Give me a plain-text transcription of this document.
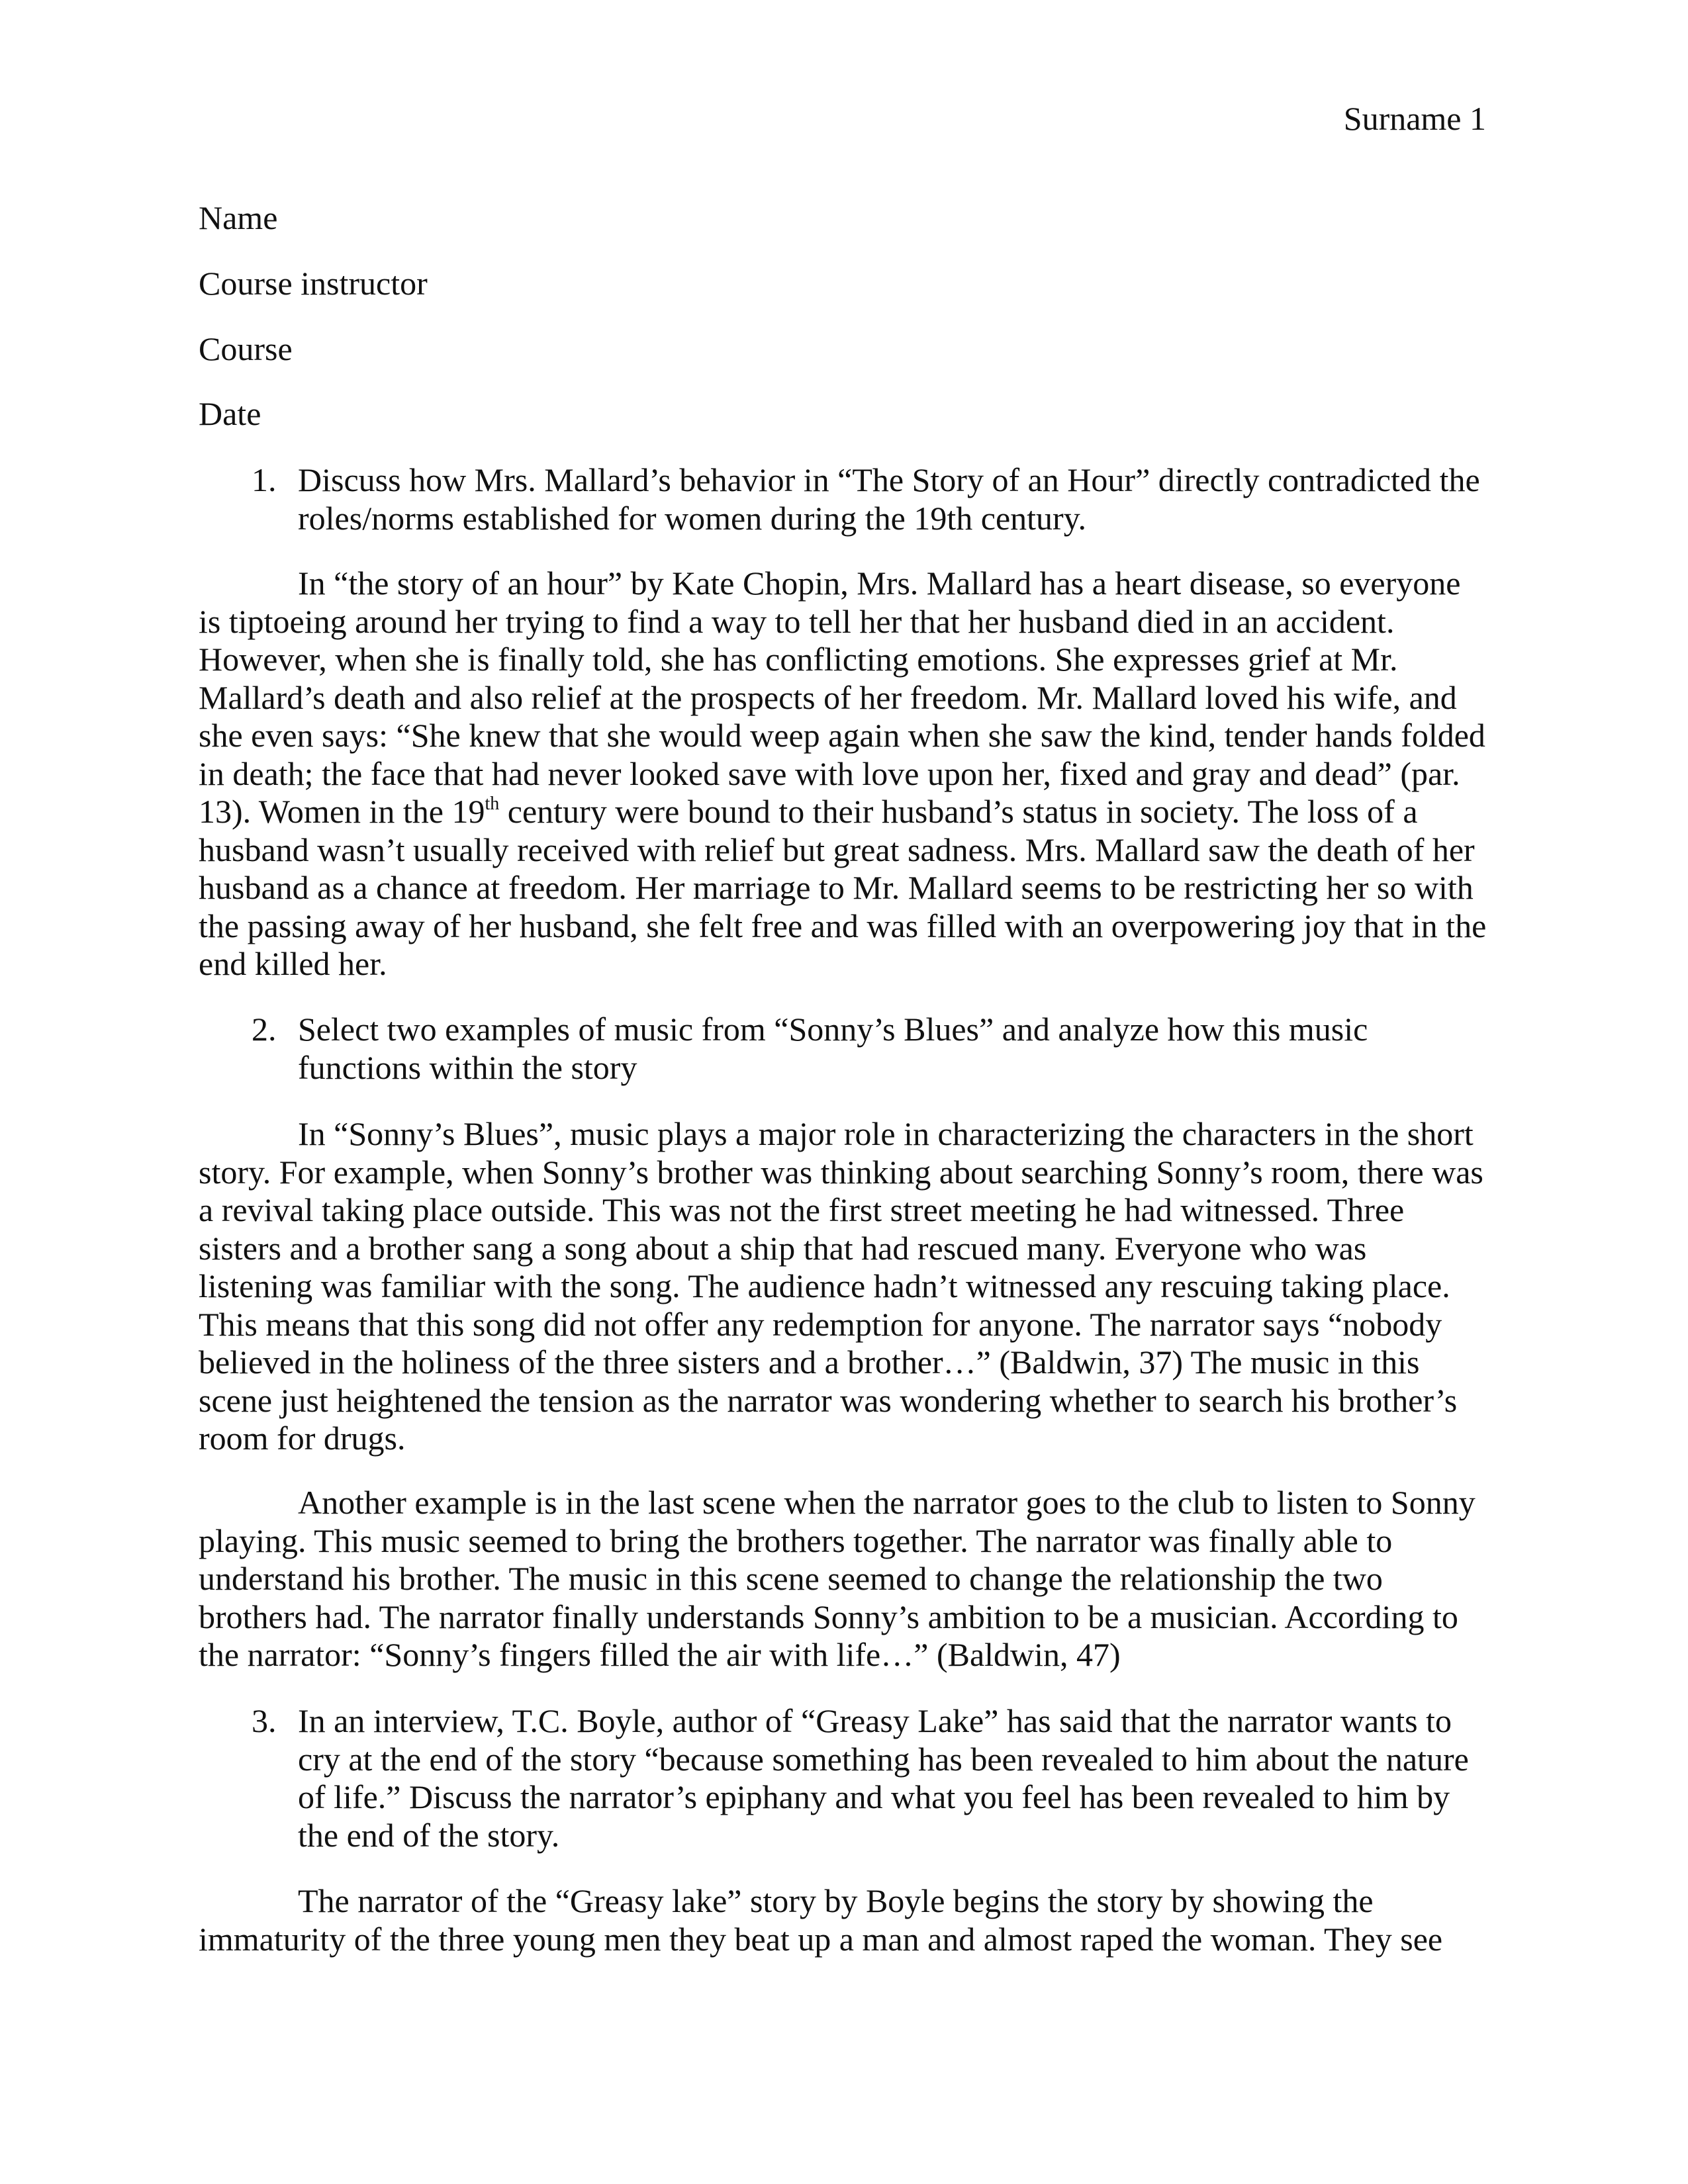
Surname 1
Name
Course instructor
Course
Date
1. Discuss how Mrs. Mallard’s behavior in “The Story of an Hour” directly contradicted the
roles/norms established for women during the 19th century.
In “the story of an hour” by Kate Chopin, Mrs. Mallard has a heart disease, so everyone
is tiptoeing around her trying to find a way to tell her that her husband died in an accident.
However, when she is finally told, she has conflicting emotions. She expresses grief at Mr.
Mallard’s death and also relief at the prospects of her freedom. Mr. Mallard loved his wife, and
she even says: “She knew that she would weep again when she saw the kind, tender hands folded
in death; the face that had never looked save with love upon her, fixed and gray and dead” (par.
13). Women in the 19th century were bound to their husband’s status in society. The loss of a
husband wasn’t usually received with relief but great sadness. Mrs. Mallard saw the death of her
husband as a chance at freedom. Her marriage to Mr. Mallard seems to be restricting her so with
the passing away of her husband, she felt free and was filled with an overpowering joy that in the
end killed her.
2. Select two examples of music from “Sonny’s Blues” and analyze how this music
functions within the story
In “Sonny’s Blues”, music plays a major role in characterizing the characters in the short
story. For example, when Sonny’s brother was thinking about searching Sonny’s room, there was
a revival taking place outside. This was not the first street meeting he had witnessed. Three
sisters and a brother sang a song about a ship that had rescued many. Everyone who was
listening was familiar with the song. The audience hadn’t witnessed any rescuing taking place.
This means that this song did not offer any redemption for anyone. The narrator says “nobody
believed in the holiness of the three sisters and a brother…” (Baldwin, 37) The music in this
scene just heightened the tension as the narrator was wondering whether to search his brother’s
room for drugs.
Another example is in the last scene when the narrator goes to the club to listen to Sonny
playing. This music seemed to bring the brothers together. The narrator was finally able to
understand his brother. The music in this scene seemed to change the relationship the two
brothers had. The narrator finally understands Sonny’s ambition to be a musician. According to
the narrator: “Sonny’s fingers filled the air with life…” (Baldwin, 47)
3. In an interview, T.C. Boyle, author of “Greasy Lake” has said that the narrator wants to
cry at the end of the story “because something has been revealed to him about the nature
of life.” Discuss the narrator’s epiphany and what you feel has been revealed to him by
the end of the story.
The narrator of the “Greasy lake” story by Boyle begins the story by showing the
immaturity of the three young men they beat up a man and almost raped the woman. They see
